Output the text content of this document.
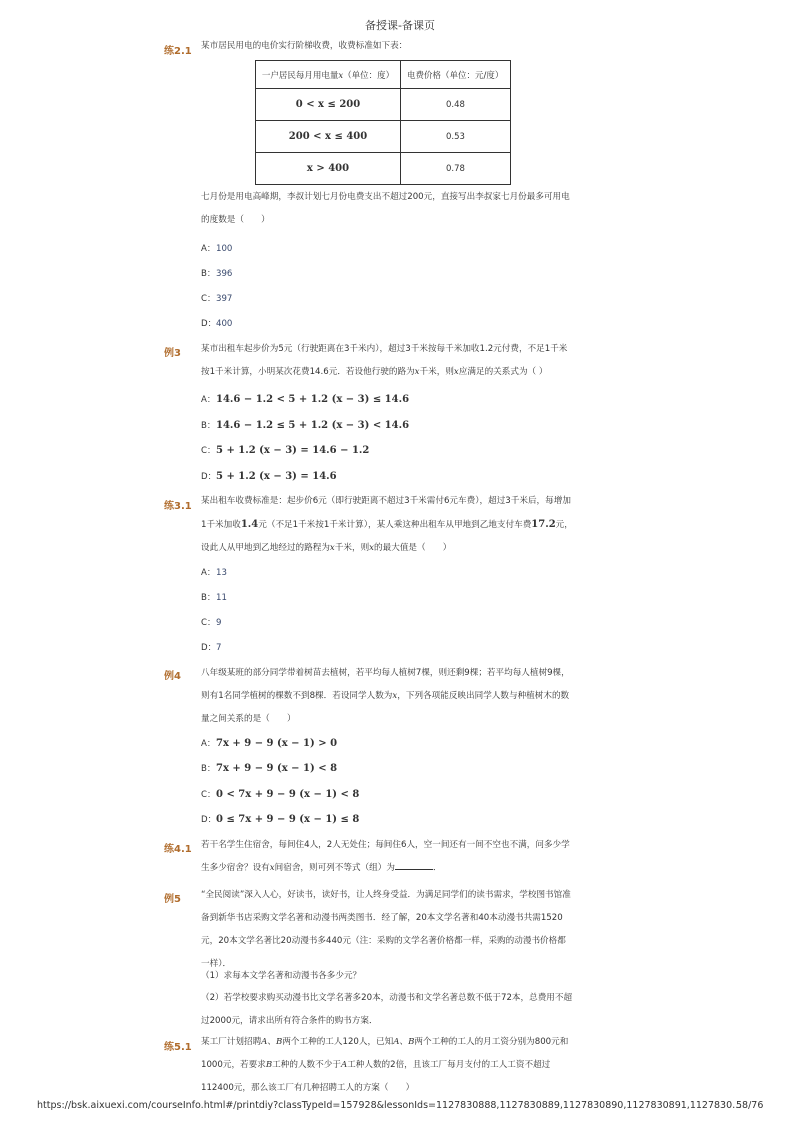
备授课-备课页
练2.1 某市居民用电的电价实行阶梯收费，收费标准如下表：
一户居民每月用电量x（单位：度）	电费价格（单位：元/度）
0 < x ≤ 200	0.48
200 < x ≤ 400	0.53
x > 400	0.78
七月份是用电高峰期，李叔计划七月份电费支出不超过200元，直接写出李叔家七月份最多可用电的度数是（　　）
A：100
B：396
C：397
D：400
例3 某市出租车起步价为5元（行驶距离在3千米内），超过3千米按每千米加收1.2元付费，不足1千米按1千米计算，小明某次花费14.6元．若设他行驶的路为x千米，则x应满足的关系式为（ ）
A：14.6 − 1.2 < 5 + 1.2 (x − 3) ≤ 14.6
B：14.6 − 1.2 ≤ 5 + 1.2 (x − 3) < 14.6
C：5 + 1.2 (x − 3) = 14.6 − 1.2
D：5 + 1.2 (x − 3) = 14.6
练3.1 某出租车收费标准是：起步价6元（即行驶距离不超过3千米需付6元车费），超过3千米后，每增加1千米加收1.4元（不足1千米按1千米计算），某人乘这种出租车从甲地到乙地支付车费17.2元，设此人从甲地到乙地经过的路程为x千米，则x的最大值是（　　）
A：13
B：11
C：9
D：7
例4 八年级某班的部分同学带着树苗去植树，若平均每人植树7棵，则还剩9棵；若平均每人植树9棵，则有1名同学植树的棵数不到8棵．若设同学人数为x，下列各项能反映出同学人数与种植树木的数量之间关系的是（　　）
A：7x + 9 − 9 (x − 1) > 0
B：7x + 9 − 9 (x − 1) < 8
C：0 < 7x + 9 − 9 (x − 1) < 8
D：0 ≤ 7x + 9 − 9 (x − 1) ≤ 8
练4.1 若干名学生住宿舍，每间住4人，2人无处住；每间住6人，空一间还有一间不空也不满，问多少学生多少宿舍？设有x间宿舍，则可列不等式（组）为	．
例5 “全民阅读”深入人心，好读书，读好书，让人终身受益．为满足同学们的读书需求，学校图书馆准备到新华书店采购文学名著和动漫书两类图书．经了解，20本文学名著和40本动漫书共需1520元，20本文学名著比20动漫书多440元（注：采购的文学名著价格都一样，采购的动漫书价格都一样）．
（1）求每本文学名著和动漫书各多少元？
（2）若学校要求购买动漫书比文学名著多20本，动漫书和文学名著总数不低于72本，总费用不超过2000元，请求出所有符合条件的购书方案．
练5.1 某工厂计划招聘A、B两个工种的工人120人，已知A、B两个工种的工人的月工资分别为800元和1000元，若要求B工种的人数不少于A工种人数的2倍，且该工厂每月支付的工人工资不超过112400元，那么该工厂有几种招聘工人的方案（　　）
https://bsk.aixuexi.com/courseInfo.html#/printdiy?classTypeId=157928&lessonIds=1127830888,1127830889,1127830890,1127830891,1127830…
58/76
